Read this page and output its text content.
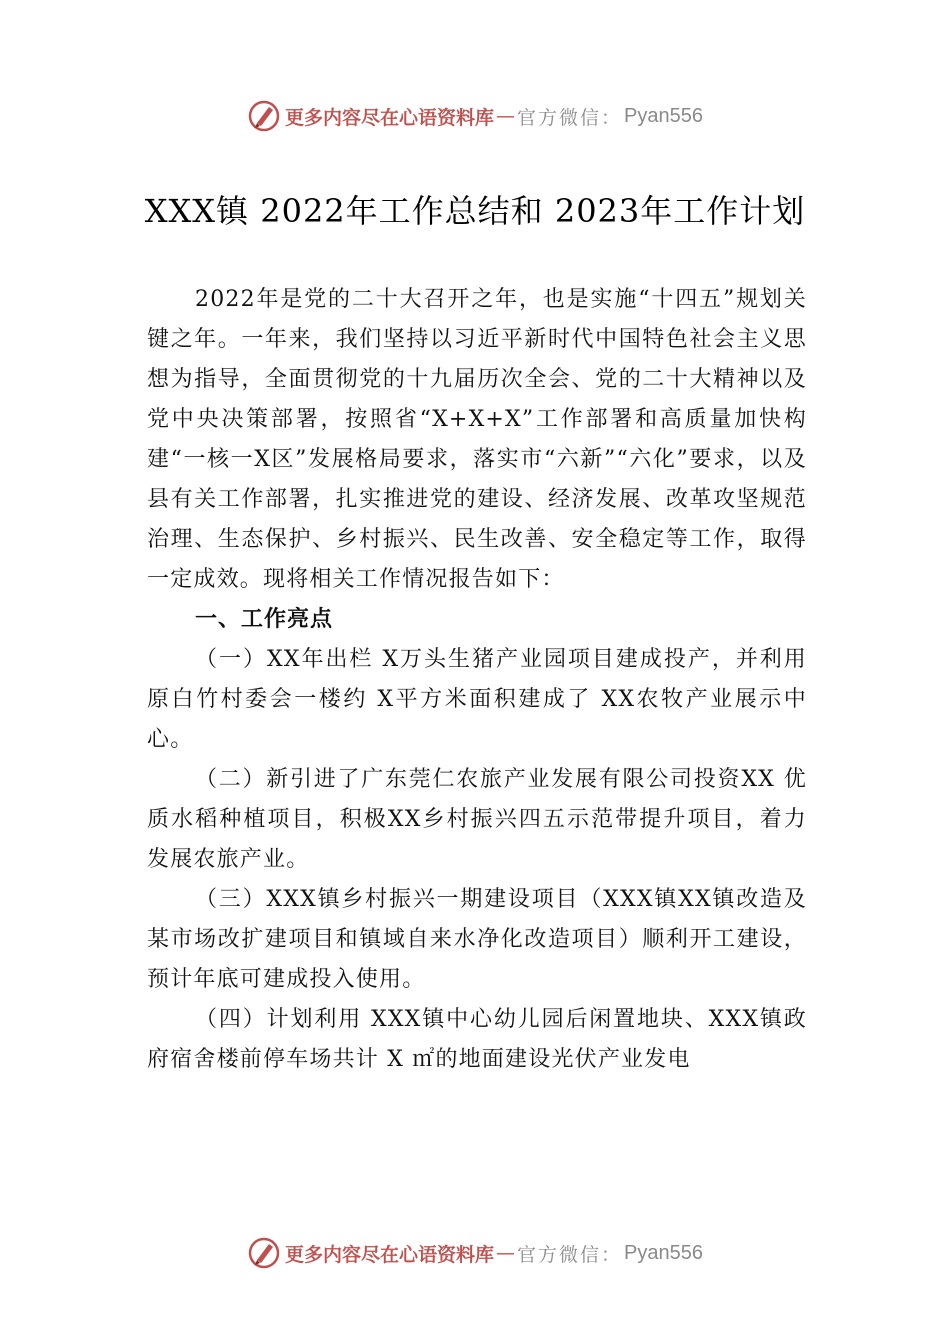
更多内容尽在心语资料库 — 官方微信： Pyan556
XXX镇 2022年工作总结和 2023年工作计划

2022年是党的二十大召开之年，也是实施“十四五”规划关键之年。一年来，我们坚持以习近平新时代中国特色社会主义思想为指导，全面贯彻党的十九届历次全会、党的二十大精神以及党中央决策部署，按照省“X+X+X”工作部署和高质量加快构建“一核一X区”发展格局要求，落实市“六新”“六化”要求，以及县有关工作部署，扎实推进党的建设、经济发展、改革攻坚规范治理、生态保护、乡村振兴、民生改善、安全稳定等工作，取得一定成效。现将相关工作情况报告如下：

一、工作亮点

（一）XX年出栏 X万头生猪产业园项目建成投产，并利用原白竹村委会一楼约 X平方米面积建成了 XX农牧产业展示中心。

（二）新引进了广东莞仁农旅产业发展有限公司投资XX 优质水稻种植项目，积极XX乡村振兴四五示范带提升项目，着力发展农旅产业。

（三）XXX镇乡村振兴一期建设项目（XXX镇XX镇改造及某市场改扩建项目和镇域自来水净化改造项目）顺利开工建设，预计年底可建成投入使用。

（四）计划利用 XXX镇中心幼儿园后闲置地块、XXX镇政府宿舍楼前停车场共计 X ㎡的地面建设光伏产业发电

更多内容尽在心语资料库 — 官方微信： Pyan556
